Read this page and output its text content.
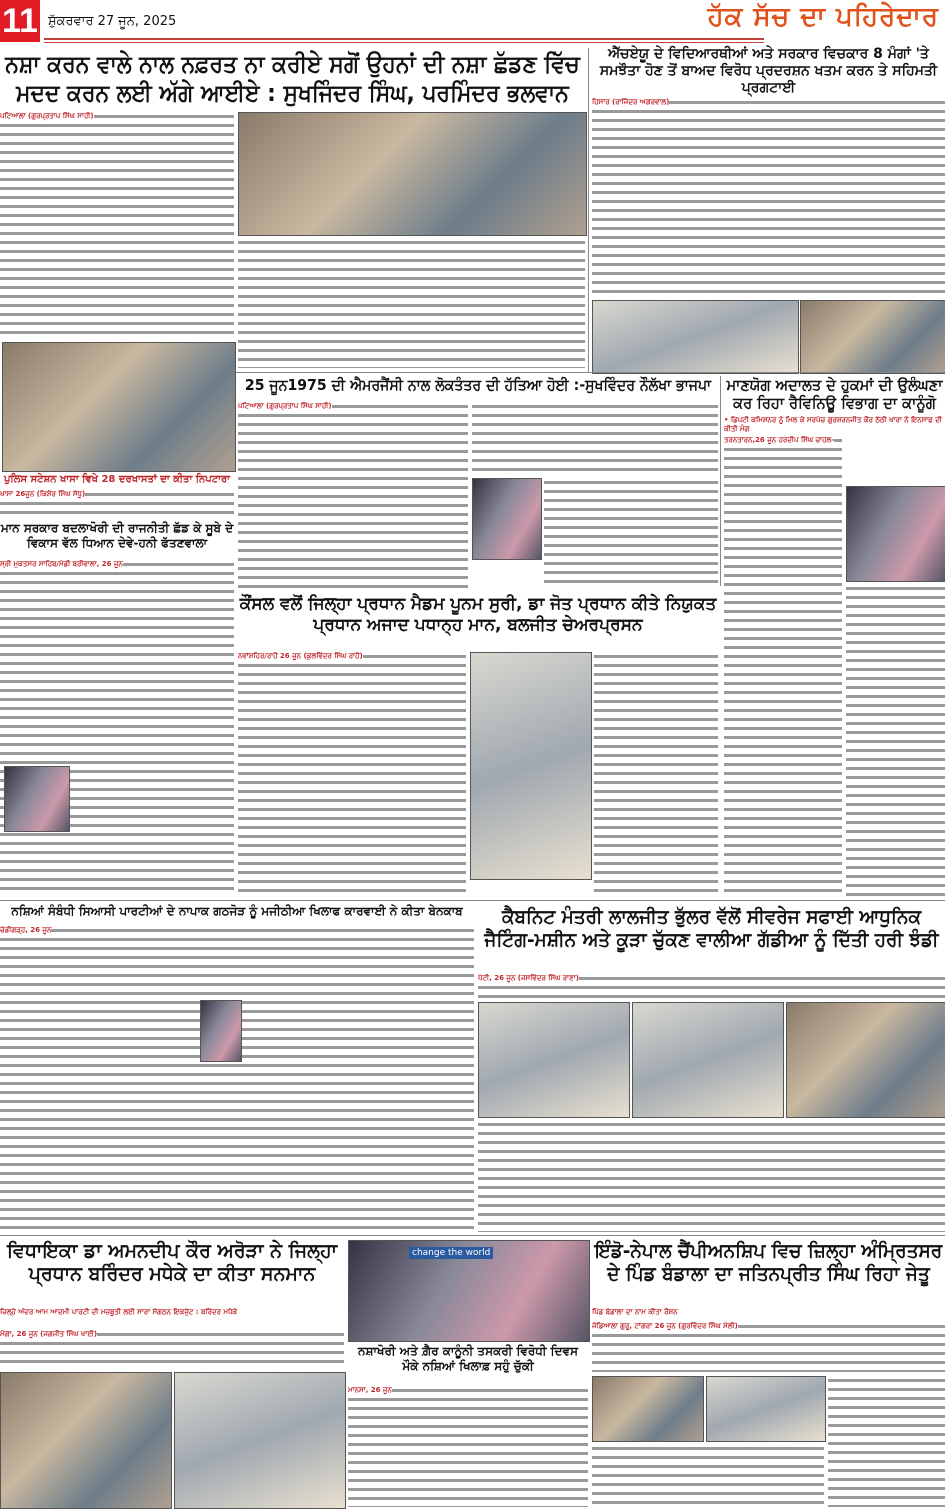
11 ਸ਼ੁੱਕਰਵਾਰ 27 ਜੂਨ, 2025	ਹੱਕ ਸੱਚ ਦਾ ਪਹਿਰੇਦਾਰ
ਨਸ਼ਾ ਕਰਨ ਵਾਲੇ ਨਾਲ ਨਫ਼ਰਤ ਨਾ ਕਰੀਏ ਸਗੋਂ ਉਹਨਾਂ ਦੀ ਨਸ਼ਾ ਛੱਡਣ ਵਿੱਚ ਮਦਦ ਕਰਨ ਲਈ ਅੱਗੇ ਆਈਏ : ਸੁਖਜਿੰਦਰ ਸਿੰਘ, ਪਰਮਿੰਦਰ ਭਲਵਾਨ
ਪਟਿਆਲਾ (ਗੁਰਪ੍ਰਤਾਪ ਸਿੰਘ ਸਾਹੀ)
ਐੱਚਏਯੂ ਦੇ ਵਿਦਿਆਰਥੀਆਂ ਅਤੇ ਸਰਕਾਰ ਵਿਚਕਾਰ 8 ਮੰਗਾਂ 'ਤੇ ਸਮਝੌਤਾ ਹੋਣ ਤੋਂ ਬਾਅਦ ਵਿਰੋਧ ਪ੍ਰਦਰਸ਼ਨ ਖਤਮ ਕਰਨ ਤੇ ਸਹਿਮਤੀ ਪ੍ਰਗਟਾਈ
ਹਿਸਾਰ (ਰਾਜਿੰਦਰ ਅਗਰਵਾਲ)
25 ਜੂਨ1975 ਦੀ ਐਮਰਜੈਂਸੀ ਨਾਲ ਲੋਕਤੰਤਰ ਦੀ ਹੱਤਿਆ ਹੋਈ :-ਸੁਖਵਿੰਦਰ ਨੌਲੱਖਾ ਭਾਜਪਾ
ਪਟਿਆਲਾ (ਗੁਰਪ੍ਰਤਾਪ ਸਿੰਘ ਸਾਹੀ)
ਮਾਣਯੋਗ ਅਦਾਲਤ ਦੇ ਹੁਕਮਾਂ ਦੀ ਉਲੰਘਣਾ ਕਰ ਰਿਹਾ ਰੈਵਿਨਿਊ ਵਿਭਾਗ ਦਾ ਕਾਨੂੰਗੋ
• ਡਿਪਟੀ ਕਮਿਸ਼ਨਰ ਨੂੰ ਮਿਲ ਕੇ ਸਰਪੰਚ ਗੁਰਸ਼ਰਨਜੀਤ ਕੌਰ ਠੱਠੀ ਖਾਰਾ ਨੇ ਇਨਸਾਫ ਦੀ ਕੀਤੀ ਮੰਗ
ਤਰਨਤਾਰਨ,26 ਜੂਨ ਹਰਦੀਪ ਸਿੰਘ ਚਾਹਲ-
ਪੁਲਿਸ ਸਟੇਸ਼ਨ ਖਾਸਾ ਵਿਖੇ 28 ਦਰਖਾਸਤਾਂ ਦਾ ਕੀਤਾ ਨਿਪਟਾਰਾ
ਖਾਸਾ 26ਜੂਨ (ਕਿਸ਼ੋਰ ਸਿੰਘ ਸੱਧੂ)
ਮਾਨ ਸਰਕਾਰ ਬਦਲਾਖੋਰੀ ਦੀ ਰਾਜਨੀਤੀ ਛੱਡ ਕੇ ਸੂਬੇ ਦੇ ਵਿਕਾਸ ਵੱਲ ਧਿਆਨ ਦੇਵੇ-ਹਨੀ ਫੱਤਣਵਾਲਾ
ਸ੍ਰੀ ਮੁਕਤਸਰ ਸਾਹਿਬ/ਮੰਡੀ ਬਰੀਵਾਲਾ, 26 ਜੂਨ
ਕੌਂਸਲ ਵਲੋਂ ਜਿਲ੍ਹਾ ਪ੍ਰਧਾਨ ਮੈਡਮ ਪੂਨਮ ਸੁਰੀ, ਡਾ ਜੋਤ ਪ੍ਰਧਾਨ ਕੀਤੇ ਨਿਯੁਕਤ ਪ੍ਰਧਾਨ ਅਜਾਦ ਪਧਾਨ੍ਹ ਮਾਨ, ਬਲਜੀਤ ਚੇਅਰਪ੍ਰਸਨ
ਨਵਾਂਸ਼ਹਿਰ/ਰਾਹੋਂ 26 ਜੂਨ (ਕੁਲਵਿੰਦਰ ਸਿੰਘ ਰਾਹੋਂ)
ਨਸ਼ਿਆਂ ਸੰਬੰਧੀ ਸਿਆਸੀ ਪਾਰਟੀਆਂ ਦੇ ਨਾਪਾਕ ਗਠਜੋੜ ਨੂੰ ਮਜੀਠੀਆ ਖਿਲਾਫ ਕਾਰਵਾਈ ਨੇ ਕੀਤਾ ਬੇਨਕਾਬ
ਚੰਡੀਗੜ੍ਹ, 26 ਜੂਨ
ਕੈਬਨਿਟ ਮੰਤਰੀ ਲਾਲਜੀਤ ਭੁੱਲਰ ਵੱਲੋਂ ਸੀਵਰੇਜ ਸਫਾਈ ਆਧੁਨਿਕ ਜੈਟਿੰਗ-ਮਸ਼ੀਨ ਅਤੇ ਕੂੜਾ ਚੁੱਕਣ ਵਾਲੀਆ ਗੱਡੀਆ ਨੂੰ ਦਿੱਤੀ ਹਰੀ ਝੰਡੀ
ਪੱਟੀ, 26 ਜੂਨ (ਜਸਵਿੰਦਰ ਸਿੰਘ ਰਾਣਾ)
ਵਿਧਾਇਕਾ ਡਾ ਅਮਨਦੀਪ ਕੌਰ ਅਰੋੜਾ ਨੇ ਜਿਲ੍ਹਾ ਪ੍ਰਧਾਨ ਬਰਿੰਦਰ ਮਧੇਕੇ ਦਾ ਕੀਤਾ ਸਨਮਾਨ
ਜ਼ਿਲ੍ਹੇ ਅੰਦਰ ਆਮ ਆਦਮੀ ਪਾਰਟੀ ਦੀ ਮਜ਼ਬੂਤੀ ਲਈ ਸਾਰਾ ਸੰਗਠਨ ਇਕਜੁੱਟ : ਬਰਿੰਦਰ ਮਧੇਕੇ
ਮੋਗਾ, 26 ਜੂਨ (ਜਗਜੀਤ ਸਿੰਘ ਖਾਈ)
change the world
ਨਸ਼ਾਖੋਰੀ ਅਤੇ ਗ਼ੈਰ ਕਾਨੂੰਨੀ ਤਸਕਰੀ ਵਿਰੋਧੀ ਦਿਵਸ ਮੌਕੇ ਨਸ਼ਿਆਂ ਖਿਲਾਫ਼ ਸਹੁੰ ਚੁੱਕੀ
ਮਾਨਸਾ, 26 ਜੂਨ
ਇੰਡੋ-ਨੇਪਾਲ ਚੈਂਪੀਅਨਸ਼ਿਪ ਵਿਚ ਜ਼ਿਲ੍ਹਾ ਅੰਮ੍ਰਿਤਸਰ ਦੇ ਪਿੰਡ ਬੰਡਾਲਾ ਦਾ ਜਤਿਨਪ੍ਰੀਤ ਸਿੰਘ ਰਿਹਾ ਜੇਤੂ
ਪਿੰਡ ਬੰਡਾਲਾ ਦਾ ਨਾਮ ਕੀਤਾ ਰੌਸ਼ਨ
ਜੰਡਿਆਲਾ ਗੁਰੂ, ਟਾਂਗਰਾ 26 ਜੂਨ (ਗੁਰਵਿੰਦਰ ਸਿੰਘ ਮੱਲੀ)
